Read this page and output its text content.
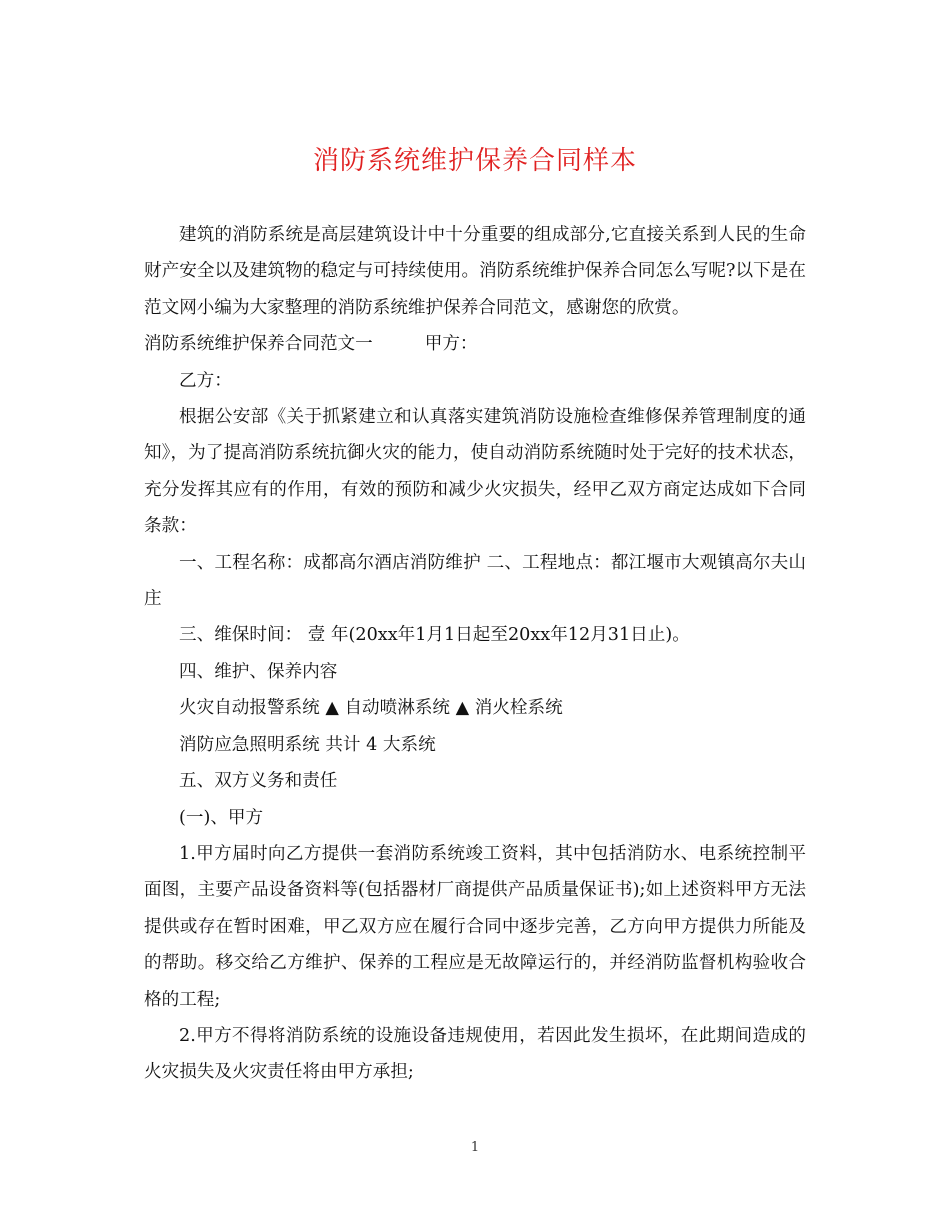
消防系统维护保养合同样本

建筑的消防系统是高层建筑设计中十分重要的组成部分,它直接关系到人民的生命财产安全以及建筑物的稳定与可持续使用。消防系统维护保养合同怎么写呢?以下是在范文网小编为大家整理的消防系统维护保养合同范文，感谢您的欣赏。

消防系统维护保养合同范文一	甲方：

乙方：

根据公安部《关于抓紧建立和认真落实建筑消防设施检查维修保养管理制度的通知》，为了提高消防系统抗御火灾的能力，使自动消防系统随时处于完好的技术状态，充分发挥其应有的作用，有效的预防和减少火灾损失，经甲乙双方商定达成如下合同条款：

一、工程名称：成都高尔酒店消防维护 二、工程地点：都江堰市大观镇高尔夫山庄

三、维保时间： 壹 年(20xx年1月1日起至20xx年12月31日止)。

四、维护、保养内容

火灾自动报警系统 ▲ 自动喷淋系统 ▲ 消火栓系统

消防应急照明系统 共计 4 大系统

五、双方义务和责任

(一)、甲方

1.甲方届时向乙方提供一套消防系统竣工资料，其中包括消防水、电系统控制平面图，主要产品设备资料等(包括器材厂商提供产品质量保证书);如上述资料甲方无法提供或存在暂时困难，甲乙双方应在履行合同中逐步完善，乙方向甲方提供力所能及的帮助。移交给乙方维护、保养的工程应是无故障运行的，并经消防监督机构验收合格的工程;

2.甲方不得将消防系统的设施设备违规使用，若因此发生损坏，在此期间造成的火灾损失及火灾责任将由甲方承担;

1
